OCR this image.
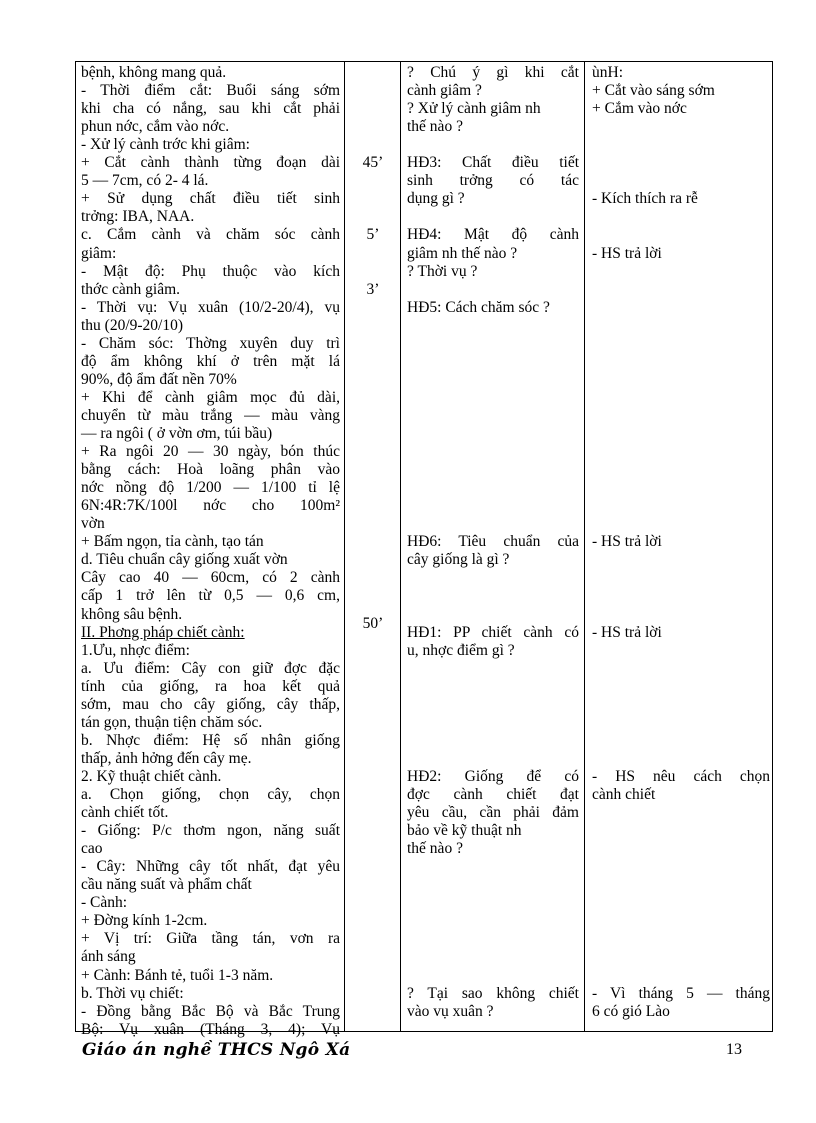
bệnh, không mang quả.
- Thời điểm cắt: Buổi sáng sớm
khi cha có nắng, sau khi cắt phải
phun nớc, cắm vào nớc.
- Xử lý cành trớc khi giâm:
+ Cắt cành thành từng đoạn dài
5 — 7cm, có 2- 4 lá.
+ Sử dụng chất điều tiết sinh
trởng: IBA, NAA.
c. Cắm cành và chăm sóc cành
giâm:
- Mật độ: Phụ thuộc vào kích
thớc cành giâm.
- Thời vụ: Vụ xuân (10/2-20/4), vụ
thu (20/9-20/10)
- Chăm sóc: Thờng xuyên duy trì
độ ẩm không khí ở trên mặt lá
90%, độ ẩm đất nền 70%
+ Khi để cành giâm mọc đủ dài,
chuyển từ màu trắng — màu vàng
— ra ngôi ( ở vờn ơm, túi bầu)
+ Ra ngôi 20 — 30 ngày, bón thúc
bằng cách: Hoà loãng phân vào
nớc nồng độ 1/200 — 1/100 tỉ lệ
6N:4R:7K/100l nớc cho 100m²
vờn
+ Bấm ngọn, tỉa cành, tạo tán
d. Tiêu chuẩn cây giống xuất vờn
Cây cao 40 — 60cm, có 2 cành
cấp 1 trở lên từ 0,5 — 0,6 cm,
không sâu bệnh.
II. Phơng pháp chiết cành:
1.Ưu, nhợc điểm:
a. Ưu điểm: Cây con giữ đợc đặc
tính của giống, ra hoa kết quả
sớm, mau cho cây giống, cây thấp,
tán gọn, thuận tiện chăm sóc.
b. Nhợc điểm: Hệ số nhân giống
thấp, ảnh hởng đến cây mẹ.
2. Kỹ thuật chiết cành.
a. Chọn giống, chọn cây, chọn
cành chiết tốt.
- Giống: P/c thơm ngon, năng suất
cao
- Cây: Những cây tốt nhất, đạt yêu
cầu năng suất và phẩm chất
- Cành:
+ Đờng kính 1-2cm.
+ Vị trí: Giữa tầng tán, vơn ra
ánh sáng
+ Cành: Bánh tẻ, tuổi 1-3 năm.
b. Thời vụ chiết:
- Đồng bằng Bắc Bộ và Bắc Trung
Bộ: Vụ xuân (Tháng 3, 4); Vụ
45’
5’
3’
50’
? Chú ý gì khi cắt
cành giâm ?
? Xử lý cành giâm nh
thế nào ?
HĐ3: Chất điều tiết
sinh trởng có tác
dụng gì ?
HĐ4: Mật độ cành
giâm nh thế nào ?
? Thời vụ ?
HĐ5: Cách chăm sóc ?
HĐ6: Tiêu chuẩn của
cây giống là gì ?
HĐ1: PP chiết cành có
u, nhợc điểm gì ?
HĐ2: Giống để có
đợc cành chiết đạt
yêu cầu, cần phải đảm
bảo về kỹ thuật nh
thế nào ?
? Tại sao không chiết
vào vụ xuân ?
ùnH:
+ Cắt vào sáng sớm
+ Cắm vào nớc
- Kích thích ra rễ
- HS trả lời
- HS trả lời
- HS trả lời
- HS nêu cách chọn
cành chiết
- Vì tháng 5 — tháng
6 có gió Lào
Giáo án nghề THCS Ngô Xá	13
